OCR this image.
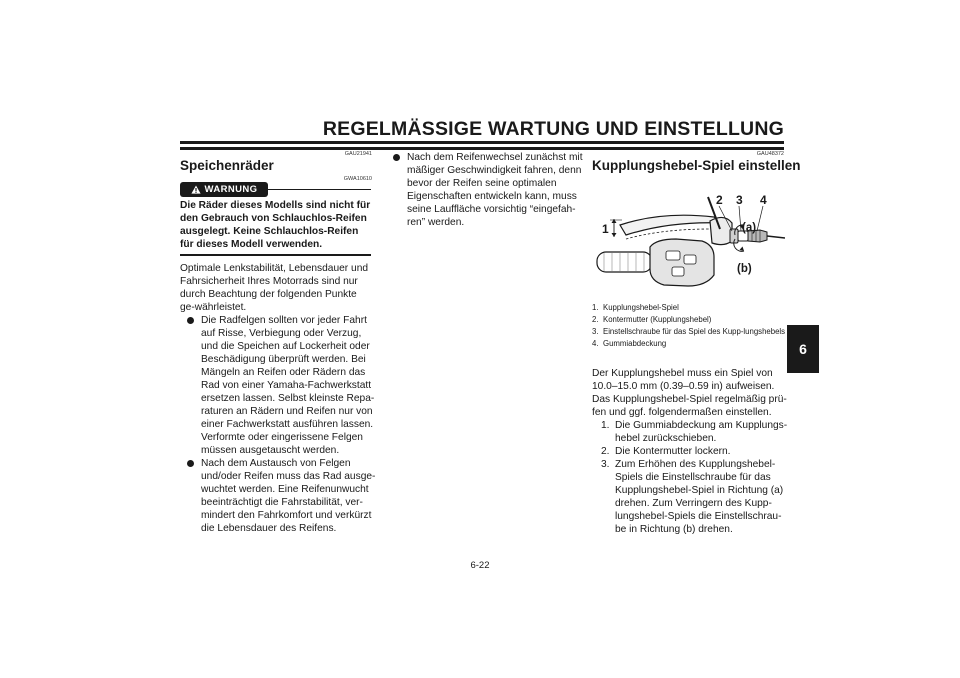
REGELMÄSSIGE WARTUNG UND EINSTELLUNG
6
GAU21941
Speichenräder
WARNUNG
GWA10610
Die Räder dieses Modells sind nicht für den Gebrauch von Schlauchlos-Reifen ausgelegt. Keine Schlauchlos-Reifen für dieses Modell verwenden.
Optimale Lenkstabilität, Lebensdauer und Fahrsicherheit Ihres Motorrads sind nur durch Beachtung der folgenden Punkte ge-währleistet.
Die Radfelgen sollten vor jeder Fahrt auf Risse, Verbiegung oder Verzug, und die Speichen auf Lockerheit oder Beschädigung überprüft werden. Bei Mängeln an Reifen oder Rädern das Rad von einer Yamaha-Fachwerkstatt ersetzen lassen. Selbst kleinste Repa-raturen an Rädern und Reifen nur von einer Fachwerkstatt ausführen lassen. Verformte oder eingerissene Felgen müssen ausgetauscht werden.
Nach dem Austausch von Felgen und/oder Reifen muss das Rad ausge-wuchtet werden. Eine Reifenunwucht beeinträchtigt die Fahrstabilität, ver-mindert den Fahrkomfort und verkürzt die Lebensdauer des Reifens.
Nach dem Reifenwechsel zunächst mit mäßiger Geschwindigkeit fahren, denn bevor der Reifen seine optimalen Eigenschaften entwickeln kann, muss seine Lauffläche vorsichtig “eingefah-ren” werden.
GAU48372
Kupplungshebel-Spiel einstellen
2 3 4
1	(a)
(b)
1. Kupplungshebel-Spiel
2. Kontermutter (Kupplungshebel)
3. Einstellschraube für das Spiel des Kupp-lungshebels
4. Gummiabdeckung
Der Kupplungshebel muss ein Spiel von 10.0–15.0 mm (0.39–0.59 in) aufweisen. Das Kupplungshebel-Spiel regelmäßig prü-fen und ggf. folgendermaßen einstellen.
1. Die Gummiabdeckung am Kupplungs-hebel zurückschieben.
2. Die Kontermutter lockern.
3. Zum Erhöhen des Kupplungshebel-Spiels die Einstellschraube für das Kupplungshebel-Spiel in Richtung (a) drehen. Zum Verringern des Kupp-lungshebel-Spiels die Einstellschrau-be in Richtung (b) drehen.
6-22
